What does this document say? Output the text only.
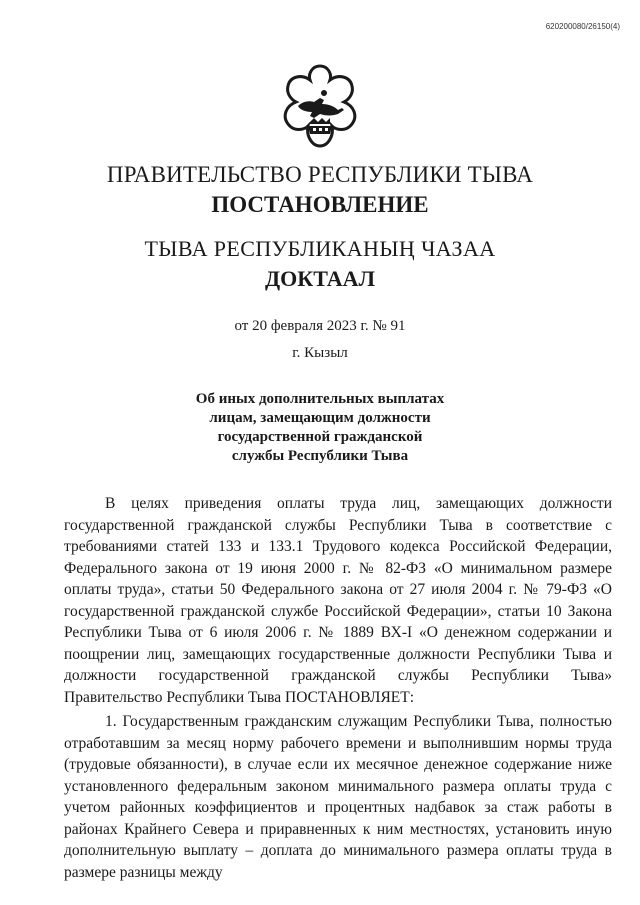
620200080/26150(4)
ПРАВИТЕЛЬСТВО РЕСПУБЛИКИ ТЫВА
ПОСТАНОВЛЕНИЕ
ТЫВА РЕСПУБЛИКАНЫҢ ЧАЗАА
ДОКТААЛ
от 20 февраля 2023 г. № 91
г. Кызыл
Об иных дополнительных выплатах
лицам, замещающим должности
государственной гражданской
службы Республики Тыва

В целях приведения оплаты труда лиц, замещающих должности государственной гражданской службы Республики Тыва в соответствие с требованиями статей 133 и 133.1 Трудового кодекса Российской Федерации, Федерального закона от 19 июня 2000 г. № 82-ФЗ «О минимальном размере оплаты труда», статьи 50 Федерального закона от 27 июля 2004 г. № 79-ФЗ «О государственной гражданской службе Российской Федерации», статьи 10 Закона Республики Тыва от 6 июля 2006 г. № 1889 ВХ-I «О денежном содержании и поощрении лиц, замещающих государственные должности Республики Тыва и должности государственной гражданской службы Республики Тыва» Правительство Республики Тыва ПОСТАНОВЛЯЕТ:

1. Государственным гражданским служащим Республики Тыва, полностью отработавшим за месяц норму рабочего времени и выполнившим нормы труда (трудовые обязанности), в случае если их месячное денежное содержание ниже установленного федеральным законом минимального размера оплаты труда с учетом районных коэффициентов и процентных надбавок за стаж работы в районах Крайнего Севера и приравненных к ним местностях, установить иную дополнительную выплату – доплата до минимального размера оплаты труда в размере разницы между
